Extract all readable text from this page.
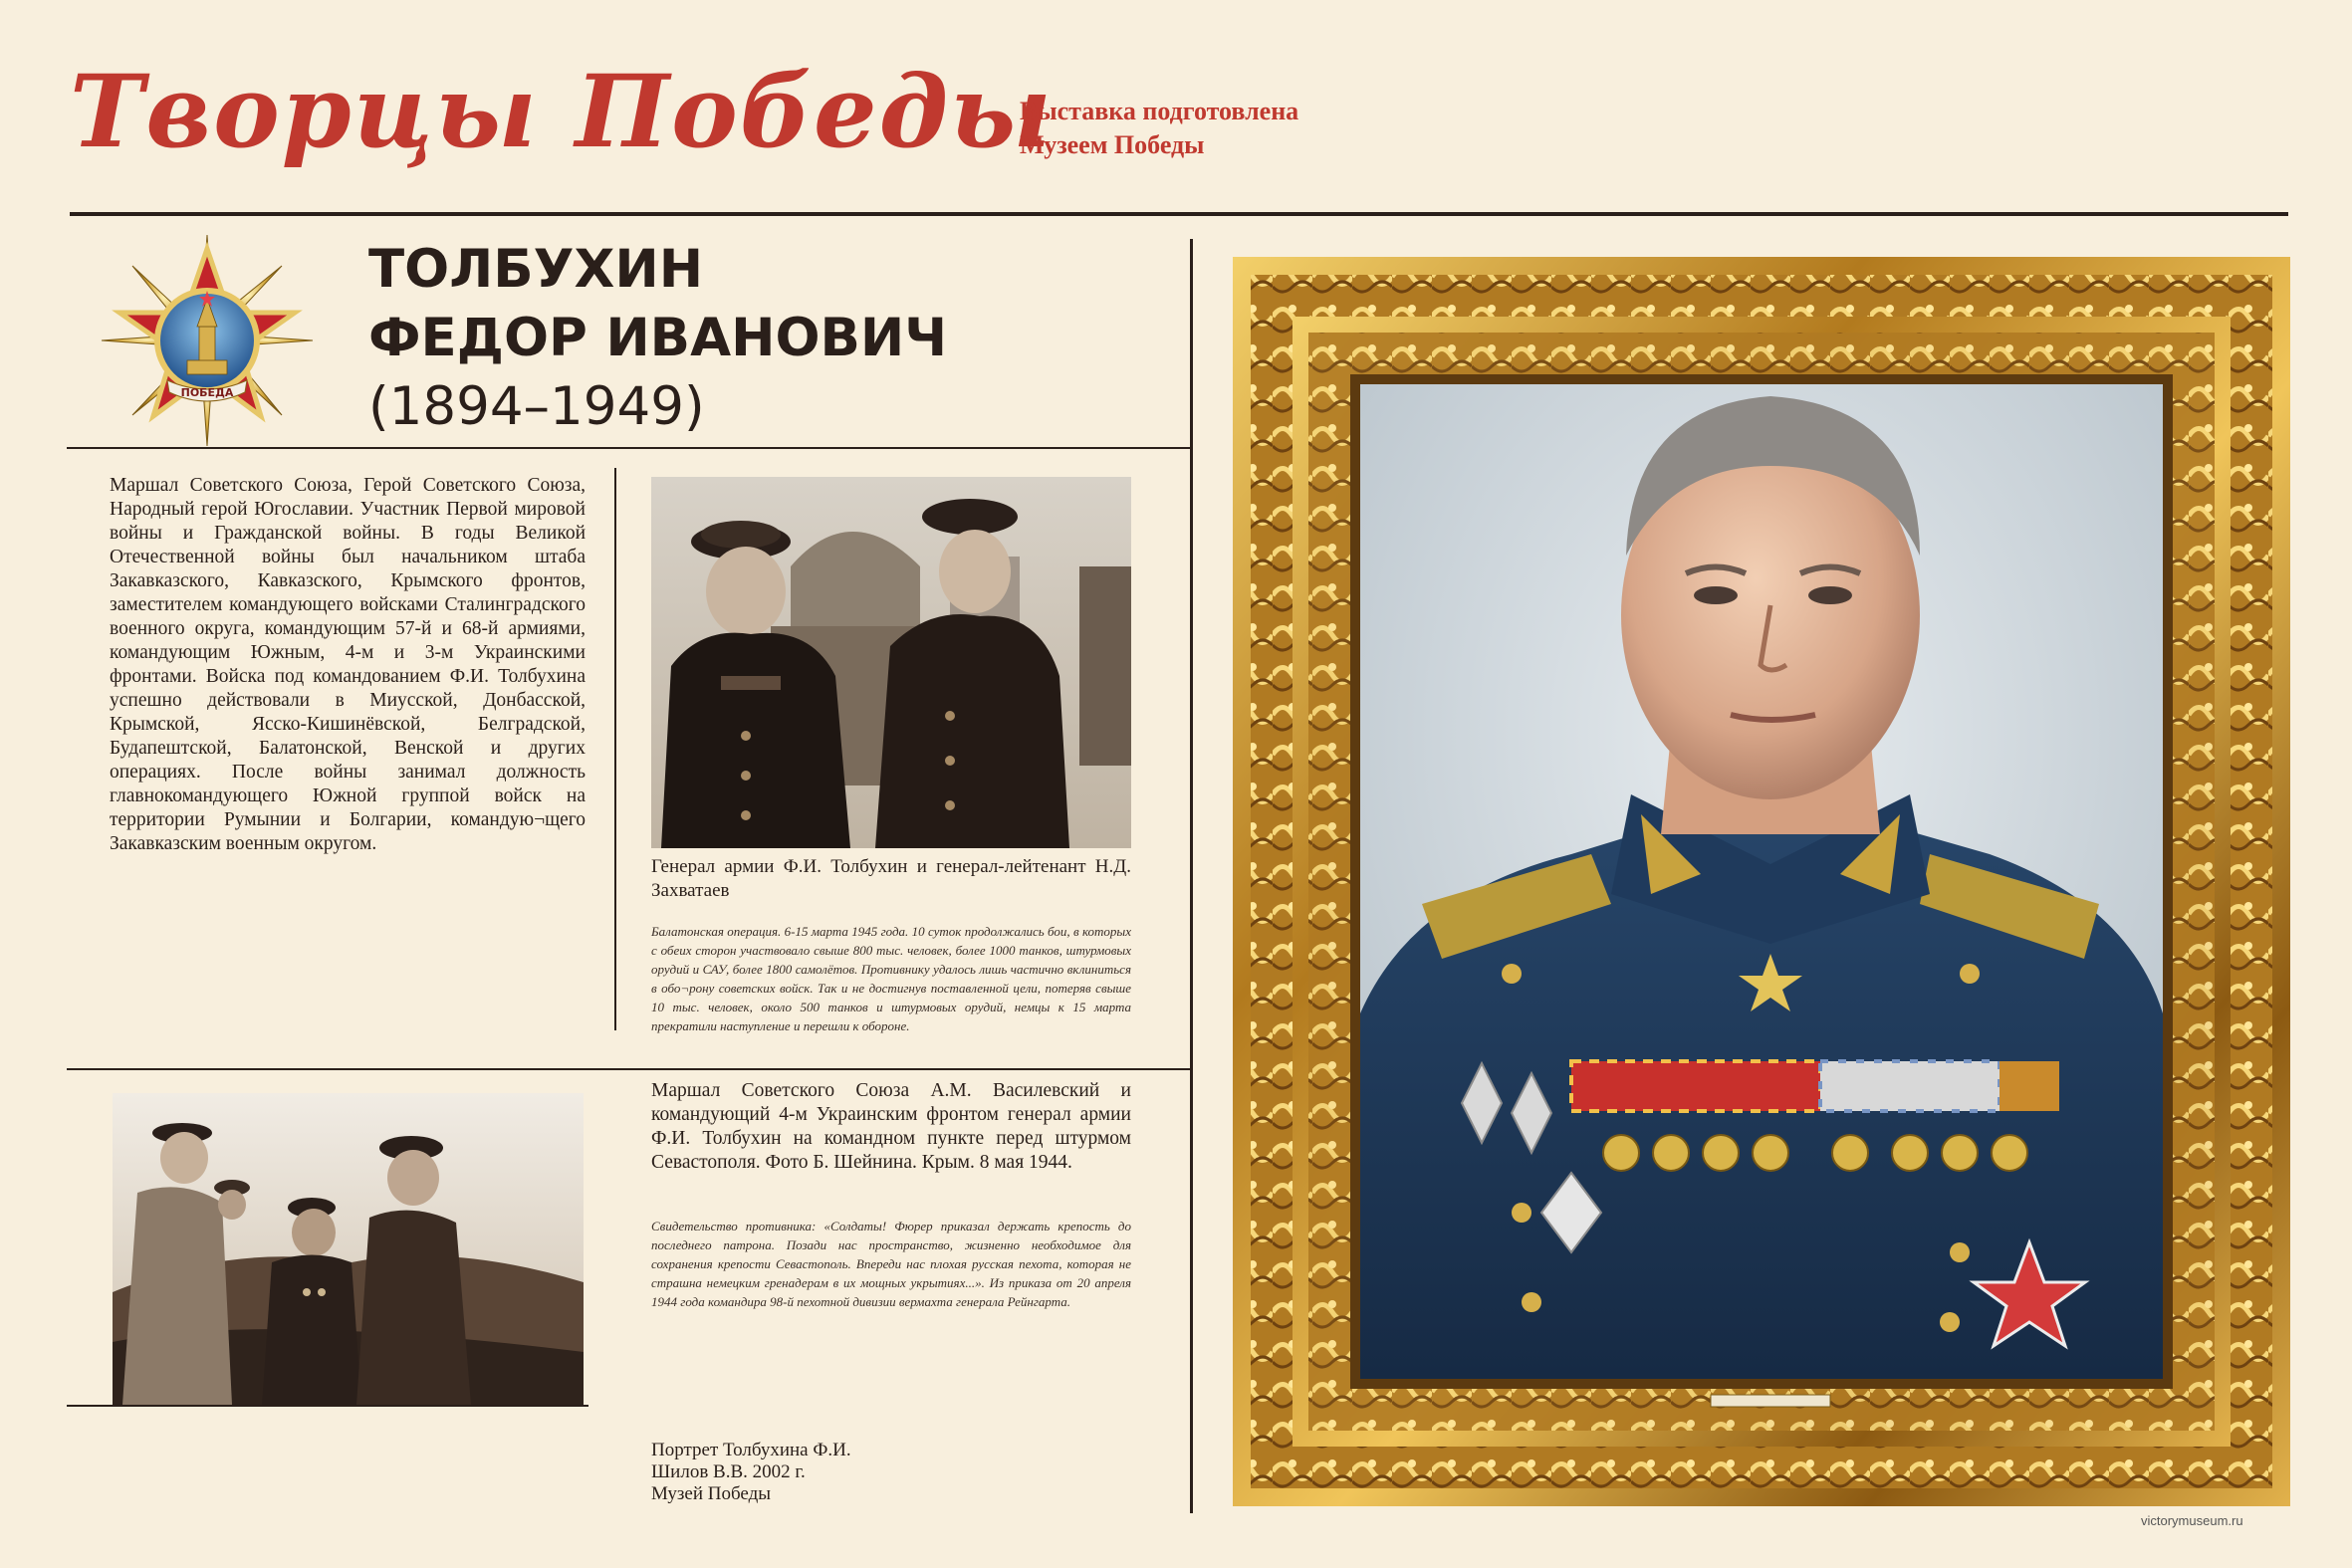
Творцы Победы
Выставка подготовлена
Музеем Победы
ПОБЕДА
ТОЛБУХИН
ФЕДОР ИВАНОВИЧ
(1894–1949)
Маршал Советского Союза, Герой Советского Союза, Народный герой Югославии. Участник Первой мировой войны и Гражданской войны. В годы Великой Отечественной войны был начальником штаба Закавказского, Кавказского, Крымского фронтов, заместителем командующего войсками Сталинградского военного округа, командующим 57-й и 68-й армиями, командующим Южным, 4-м и 3-м Украинскими фронтами. Войска под командованием Ф.И. Толбухина успешно действовали в Миусской, Донбасской, Крымской, Ясско-Кишинёвской, Белградской, Будапештской, Балатонской, Венской и других операциях. После войны занимал должность главнокомандующего Южной группой войск на территории Румынии и Болгарии, командую¬щего Закавказским военным округом.
Генерал армии Ф.И. Толбухин и генерал-лейтенант Н.Д. Захватаев
Балатонская операция. 6-15 марта 1945 года. 10 суток продолжались бои, в которых с обеих сторон участвовало свыше 800 тыс. человек, более 1000 танков, штурмовых орудий и САУ, более 1800 самолётов. Противнику удалось лишь частично вклиниться в обо¬рону советских войск. Так и не достигнув поставленной цели, потеряв свыше 10 тыс. человек, около 500 танков и штурмовых орудий, немцы к 15 марта прекратили наступление и перешли к обороне.
Маршал Советского Союза А.М. Василевский и командующий 4-м Украинским фронтом генерал армии Ф.И. Толбухин на командном пункте перед штурмом Севастополя. Фото Б. Шейнина. Крым. 8 мая 1944.
Свидетельство противника: «Солдаты! Фюрер приказал держать крепость до последнего патрона. Позади нас пространство, жизненно необходимое для сохранения крепости Севастополь. Впереди нас плохая русская пехота, которая не страшна немецким гренадерам в их мощных укрытиях...». Из приказа от 20 апреля 1944 года командира 98-й пехотной дивизии вермахта генерала Рейнгарта.
Портрет Толбухина Ф.И.
Шилов В.В. 2002 г.
Музей Победы
victorymuseum.ru
